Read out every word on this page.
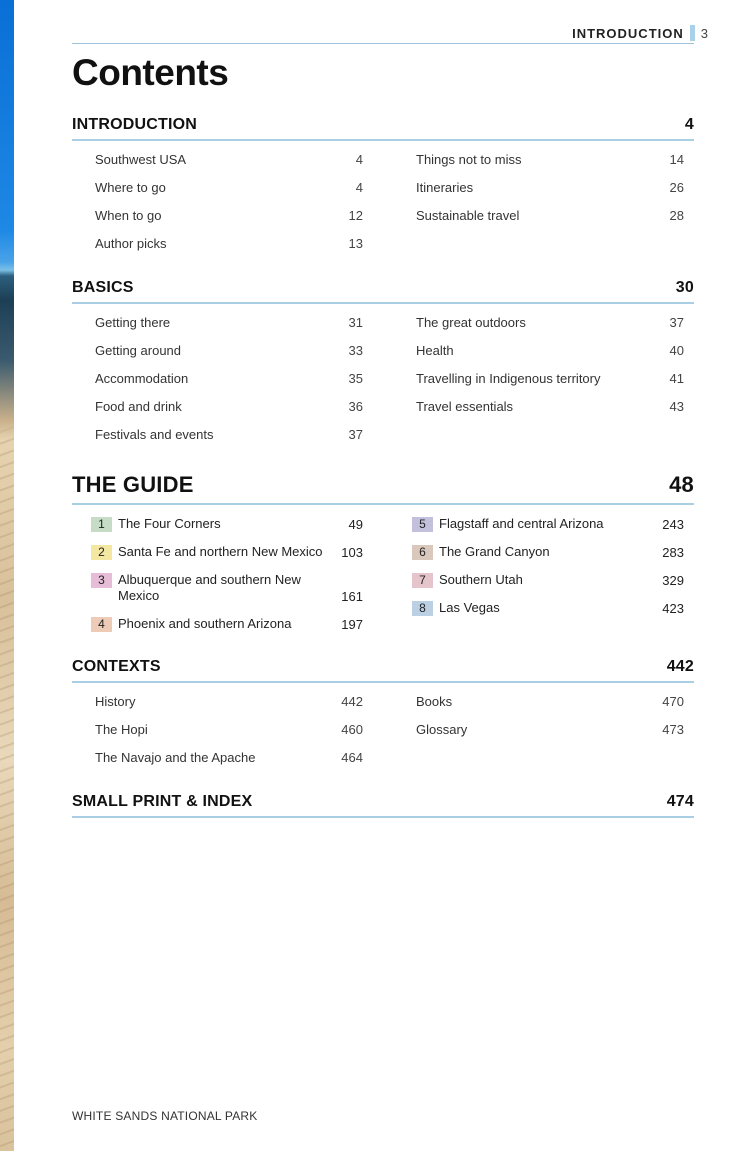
INTRODUCTION 3
Contents
INTRODUCTION	4
Southwest USA	4
Where to go	4
When to go	12
Author picks	13
Things not to miss	14
Itineraries	26
Sustainable travel	28
BASICS	30
Getting there	31
Getting around	33
Accommodation	35
Food and drink	36
Festivals and events	37
The great outdoors	37
Health	40
Travelling in Indigenous territory	41
Travel essentials	43
THE GUIDE	48
1	The Four Corners	49
2	Santa Fe and northern New Mexico	103
3	Albuquerque and southern New Mexico	161
4	Phoenix and southern Arizona	197
5	Flagstaff and central Arizona	243
6	The Grand Canyon	283
7	Southern Utah	329
8	Las Vegas	423
CONTEXTS	442
History	442
The Hopi	460
The Navajo and the Apache	464
Books	470
Glossary	473
SMALL PRINT & INDEX	474
WHITE SANDS NATIONAL PARK
